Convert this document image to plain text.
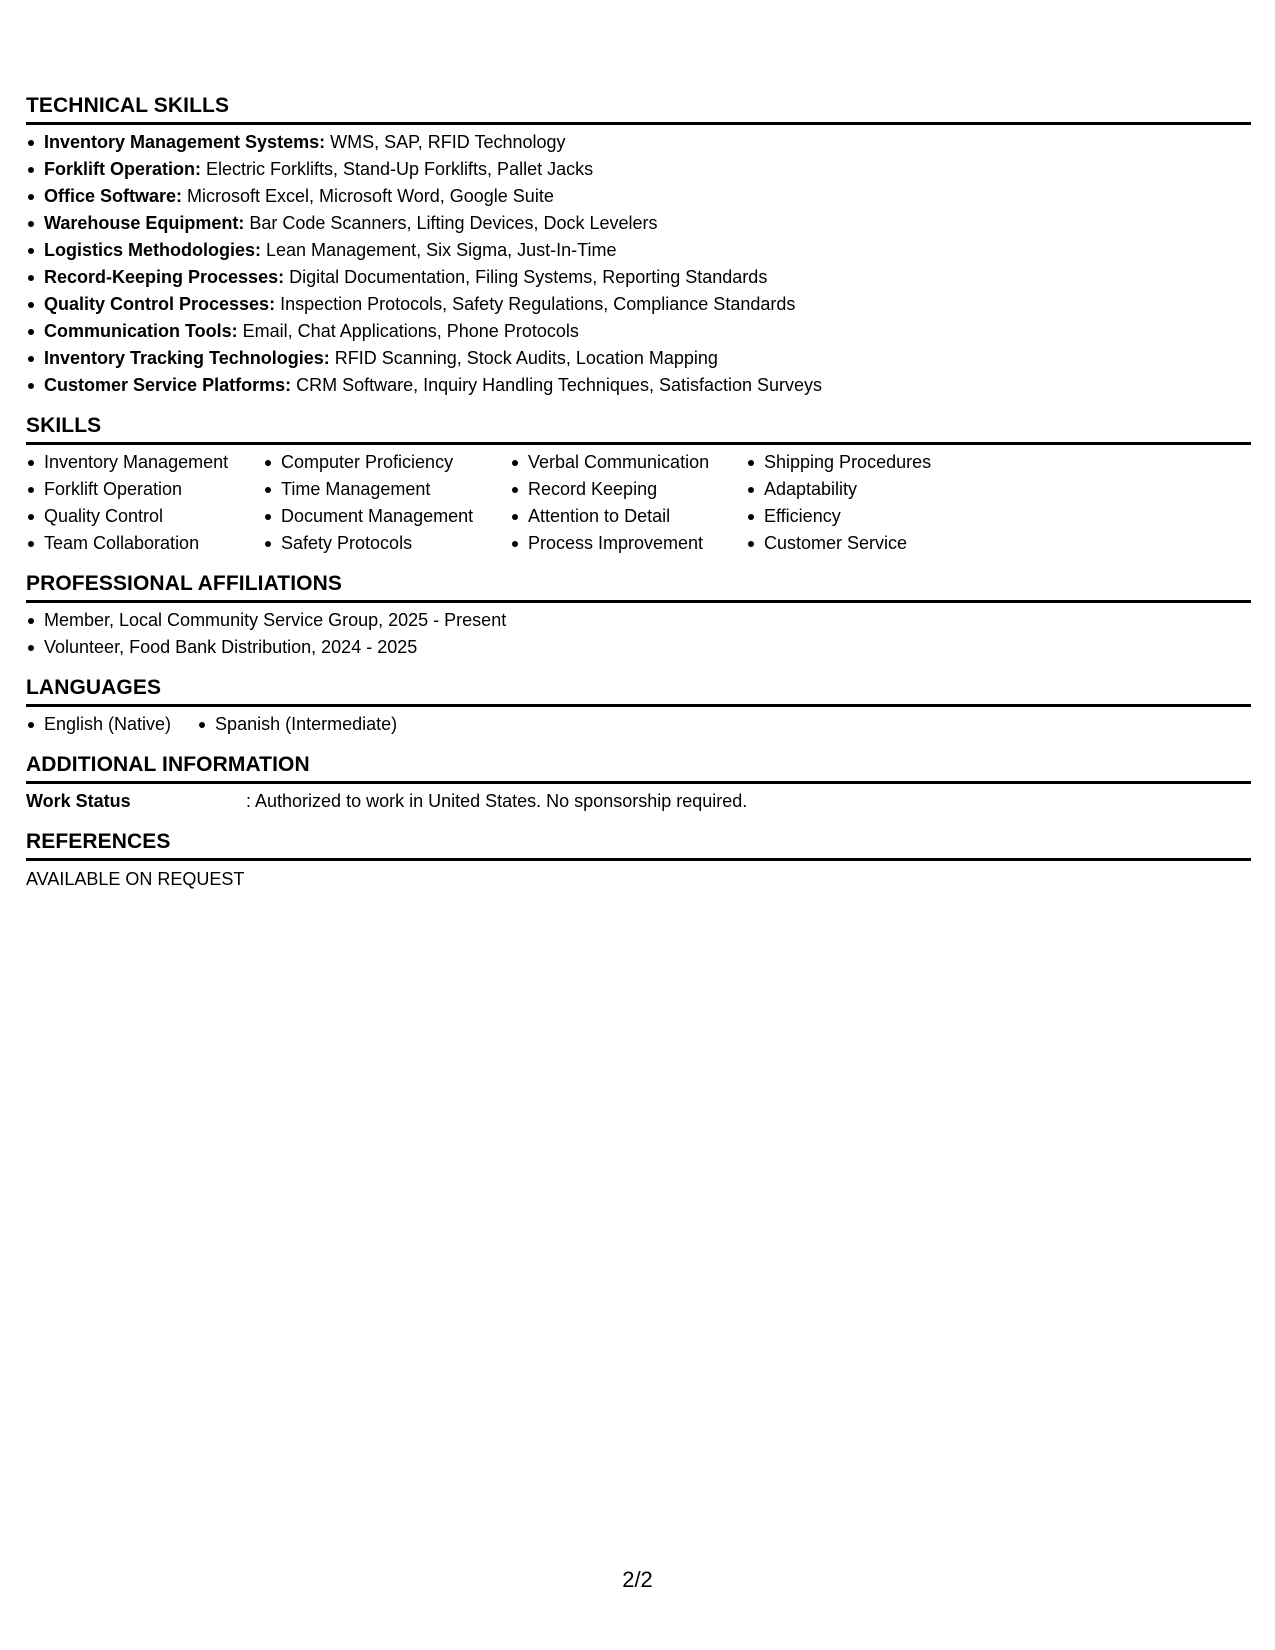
TECHNICAL SKILLS
Inventory Management Systems: WMS, SAP, RFID Technology
Forklift Operation: Electric Forklifts, Stand-Up Forklifts, Pallet Jacks
Office Software: Microsoft Excel, Microsoft Word, Google Suite
Warehouse Equipment: Bar Code Scanners, Lifting Devices, Dock Levelers
Logistics Methodologies: Lean Management, Six Sigma, Just-In-Time
Record-Keeping Processes: Digital Documentation, Filing Systems, Reporting Standards
Quality Control Processes: Inspection Protocols, Safety Regulations, Compliance Standards
Communication Tools: Email, Chat Applications, Phone Protocols
Inventory Tracking Technologies: RFID Scanning, Stock Audits, Location Mapping
Customer Service Platforms: CRM Software, Inquiry Handling Techniques, Satisfaction Surveys
SKILLS
Inventory Management
Forklift Operation
Quality Control
Team Collaboration
Computer Proficiency
Time Management
Document Management
Safety Protocols
Verbal Communication
Record Keeping
Attention to Detail
Process Improvement
Shipping Procedures
Adaptability
Efficiency
Customer Service
PROFESSIONAL AFFILIATIONS
Member, Local Community Service Group, 2025 - Present
Volunteer, Food Bank Distribution, 2024 - 2025
LANGUAGES
English (Native)	Spanish (Intermediate)
ADDITIONAL INFORMATION
Work Status	: Authorized to work in United States. No sponsorship required.
REFERENCES
AVAILABLE ON REQUEST
2/2
